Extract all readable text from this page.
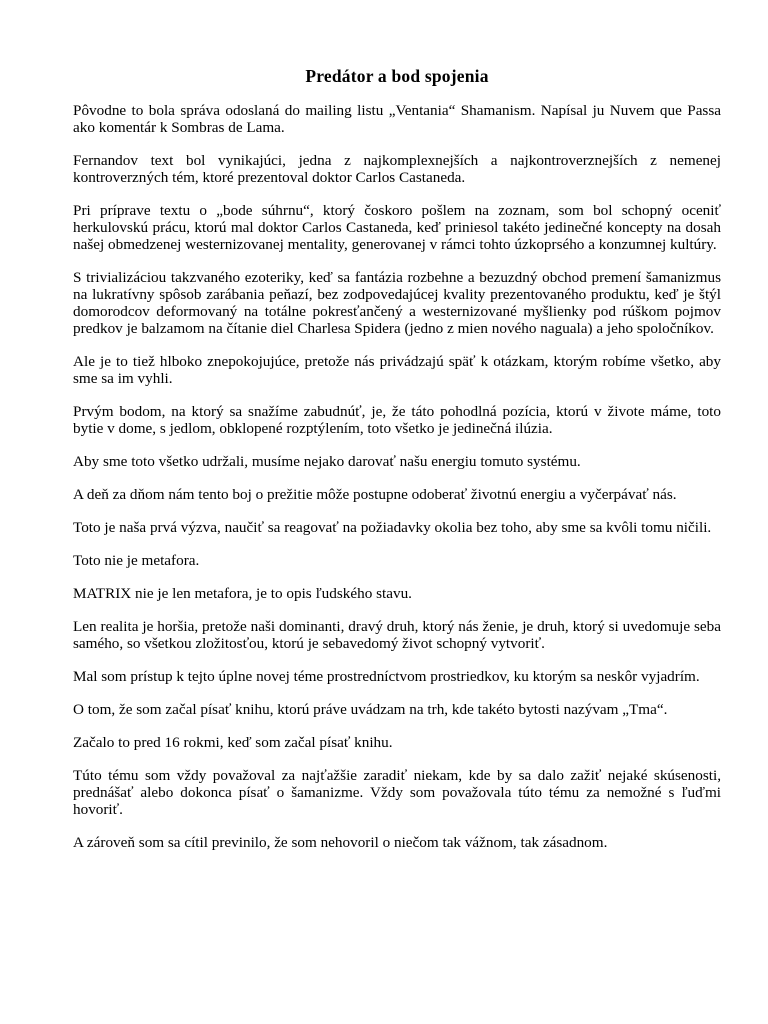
Predátor a bod spojenia

Pôvodne to bola správa odoslaná do mailing listu „Ventania“ Shamanism. Napísal ju Nuvem que Passa ako komentár k Sombras de Lama.

Fernandov text bol vynikajúci, jedna z najkomplexnejších a najkontroverznejších z nemenej kontroverzných tém, ktoré prezentoval doktor Carlos Castaneda.

Pri príprave textu o „bode súhrnu“, ktorý čoskoro pošlem na zoznam, som bol schopný oceniť herkulovskú prácu, ktorú mal doktor Carlos Castaneda, keď priniesol takéto jedinečné koncepty na dosah našej obmedzenej westernizovanej mentality, generovanej v rámci tohto úzkoprsého a konzumnej kultúry.

S trivializáciou takzvaného ezoteriky, keď sa fantázia rozbehne a bezuzdný obchod premení šamanizmus na lukratívny spôsob zarábania peňazí, bez zodpovedajúcej kvality prezentovaného produktu, keď je štýl domorodcov deformovaný na totálne pokresťančený a westernizované myšlienky pod rúškom pojmov predkov je balzamom na čítanie diel Charlesa Spidera (jedno z mien nového naguala) a jeho spoločníkov.

Ale je to tiež hlboko znepokojujúce, pretože nás privádzajú späť k otázkam, ktorým robíme všetko, aby sme sa im vyhli.

Prvým bodom, na ktorý sa snažíme zabudnúť, je, že táto pohodlná pozícia, ktorú v živote máme, toto bytie v dome, s jedlom, obklopené rozptýlením, toto všetko je jedinečná ilúzia.

Aby sme toto všetko udržali, musíme nejako darovať našu energiu tomuto systému.

A deň za dňom nám tento boj o prežitie môže postupne odoberať životnú energiu a vyčerpávať nás.

Toto je naša prvá výzva, naučiť sa reagovať na požiadavky okolia bez toho, aby sme sa kvôli tomu ničili.

Toto nie je metafora.

MATRIX nie je len metafora, je to opis ľudského stavu.

Len realita je horšia, pretože naši dominanti, dravý druh, ktorý nás ženie, je druh, ktorý si uvedomuje seba samého, so všetkou zložitosťou, ktorú je sebavedomý život schopný vytvoriť.

Mal som prístup k tejto úplne novej téme prostredníctvom prostriedkov, ku ktorým sa neskôr vyjadrím.

O tom, že som začal písať knihu, ktorú práve uvádzam na trh, kde takéto bytosti nazývam „Tma“.

Začalo to pred 16 rokmi, keď som začal písať knihu.

Túto tému som vždy považoval za najťažšie zaradiť niekam, kde by sa dalo zažiť nejaké skúsenosti, prednášať alebo dokonca písať o šamanizme. Vždy som považovala túto tému za nemožné s ľuďmi hovoriť.

A zároveň som sa cítil previnilo, že som nehovoril o niečom tak vážnom, tak zásadnom.
